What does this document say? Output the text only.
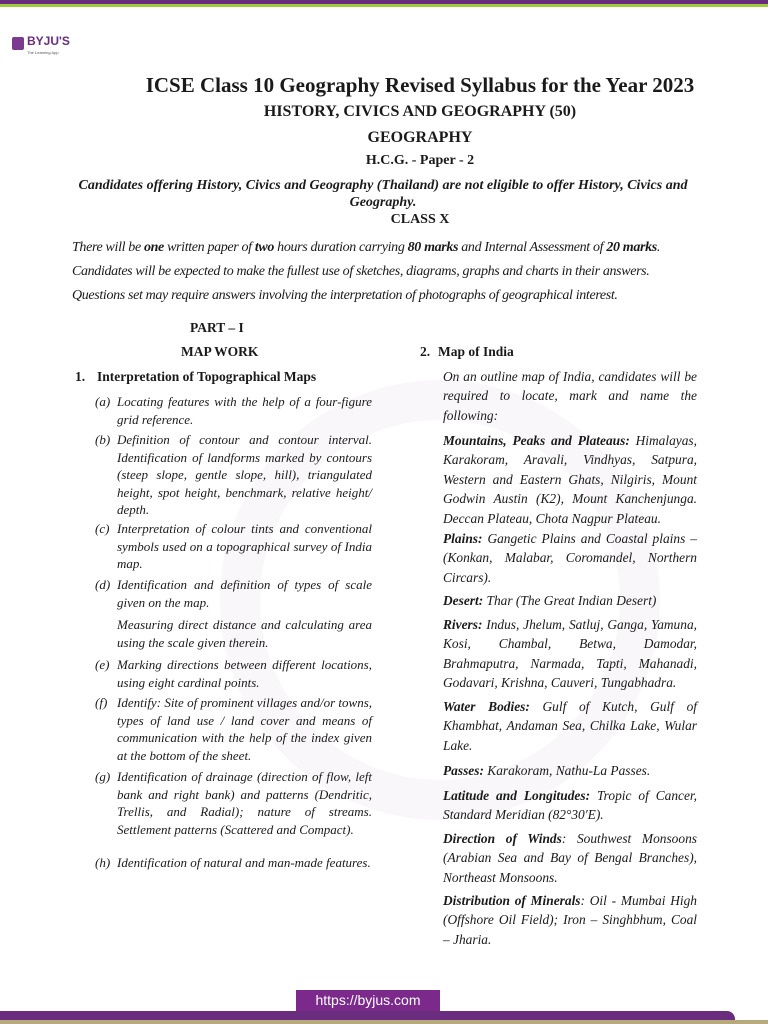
BYJU'S
The Learning App
ICSE Class 10 Geography Revised Syllabus for the Year 2023
HISTORY, CIVICS AND GEOGRAPHY (50)
GEOGRAPHY
H.C.G. - Paper - 2
Candidates offering History, Civics and Geography (Thailand) are not eligible to offer History, Civics and Geography.
CLASS X
There will be one written paper of two hours duration carrying 80 marks and Internal Assessment of 20 marks.
Candidates will be expected to make the fullest use of sketches, diagrams, graphs and charts in their answers.
Questions set may require answers involving the interpretation of photographs of geographical interest.
PART – I
MAP WORK
1. Interpretation of Topographical Maps
(a) Locating features with the help of a four-figure grid reference.
(b) Definition of contour and contour interval. Identification of landforms marked by contours (steep slope, gentle slope, hill), triangulated height, spot height, benchmark, relative height/ depth.
(c) Interpretation of colour tints and conventional symbols used on a topographical survey of India map.
(d) Identification and definition of types of scale given on the map.
Measuring direct distance and calculating area using the scale given therein.
(e) Marking directions between different locations, using eight cardinal points.
(f) Identify: Site of prominent villages and/or towns, types of land use / land cover and means of communication with the help of the index given at the bottom of the sheet.
(g) Identification of drainage (direction of flow, left bank and right bank) and patterns (Dendritic, Trellis, and Radial); nature of streams. Settlement patterns (Scattered and Compact).
(h) Identification of natural and man-made features.
2. Map of India
On an outline map of India, candidates will be required to locate, mark and name the following:
Mountains, Peaks and Plateaus: Himalayas, Karakoram, Aravali, Vindhyas, Satpura, Western and Eastern Ghats, Nilgiris, Mount Godwin Austin (K2), Mount Kanchenjunga. Deccan Plateau, Chota Nagpur Plateau.
Plains: Gangetic Plains and Coastal plains – (Konkan, Malabar, Coromandel, Northern Circars).
Desert: Thar (The Great Indian Desert)
Rivers: Indus, Jhelum, Satluj, Ganga, Yamuna, Kosi, Chambal, Betwa, Damodar, Brahmaputra, Narmada, Tapti, Mahanadi, Godavari, Krishna, Cauveri, Tungabhadra.
Water Bodies: Gulf of Kutch, Gulf of Khambhat, Andaman Sea, Chilka Lake, Wular Lake.
Passes: Karakoram, Nathu-La Passes.
Latitude and Longitudes: Tropic of Cancer, Standard Meridian (82°30′E).
Direction of Winds: Southwest Monsoons (Arabian Sea and Bay of Bengal Branches), Northeast Monsoons.
Distribution of Minerals: Oil - Mumbai High (Offshore Oil Field); Iron – Singhbhum, Coal – Jharia.
https://byjus.com
